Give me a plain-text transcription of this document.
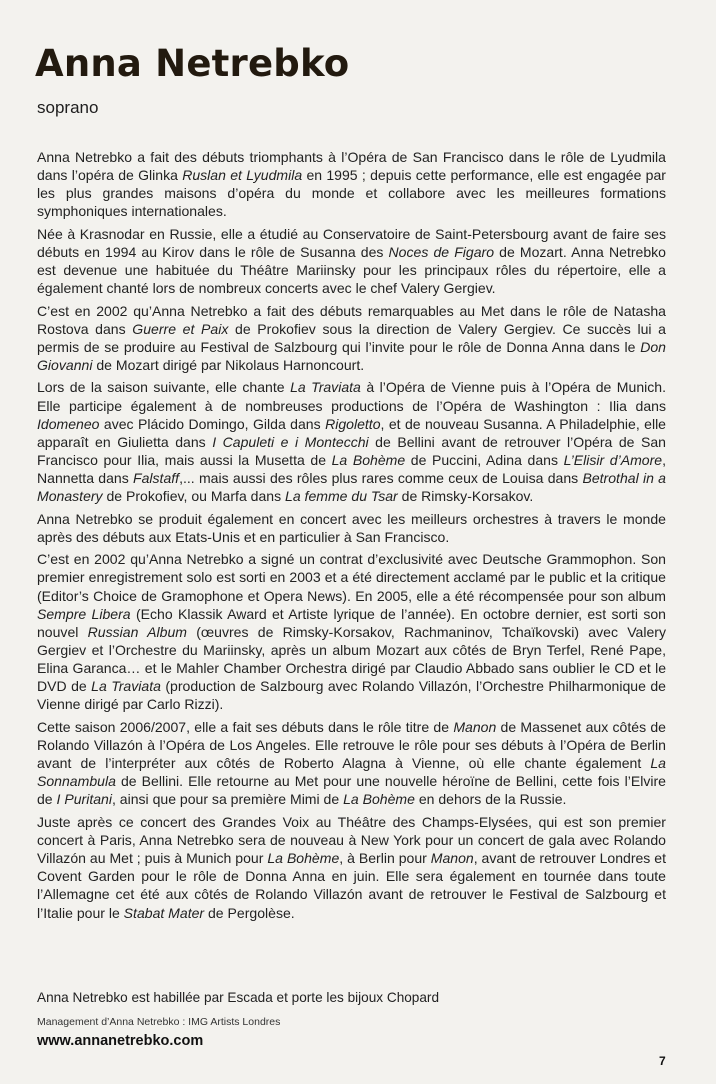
Anna Netrebko

soprano

Anna Netrebko a fait des débuts triomphants à l’Opéra de San Francisco dans le rôle de Lyudmila dans l’opéra de Glinka Ruslan et Lyudmila en 1995 ; depuis cette performance, elle est engagée par les plus grandes maisons d’opéra du monde et collabore avec les meilleures formations symphoniques internationales.

Née à Krasnodar en Russie, elle a étudié au Conservatoire de Saint-Petersbourg avant de faire ses débuts en 1994 au Kirov dans le rôle de Susanna des Noces de Figaro de Mozart. Anna Netrebko est devenue une habituée du Théâtre Mariinsky pour les principaux rôles du répertoire, elle a également chanté lors de nombreux concerts avec le chef Valery Gergiev.

C’est en 2002 qu’Anna Netrebko a fait des débuts remarquables au Met dans le rôle de Natasha Rostova dans Guerre et Paix de Prokofiev sous la direction de Valery Gergiev. Ce succès lui a permis de se produire au Festival de Salzbourg qui l’invite pour le rôle de Donna Anna dans le Don Giovanni de Mozart dirigé par Nikolaus Harnoncourt.

Lors de la saison suivante, elle chante La Traviata à l’Opéra de Vienne puis à l’Opéra de Munich. Elle participe également à de nombreuses productions de l’Opéra de Washington : Ilia dans Idomeneo avec Plácido Domingo, Gilda dans Rigoletto, et de nouveau Susanna. A Philadelphie, elle apparaît en Giulietta dans I Capuleti e i Montecchi de Bellini avant de retrouver l’Opéra de San Francisco pour Ilia, mais aussi la Musetta de La Bohème de Puccini, Adina dans L’Elisir d’Amore, Nannetta dans Falstaff,... mais aussi des rôles plus rares comme ceux de Louisa dans Betrothal in a Monastery de Prokofiev, ou Marfa dans La femme du Tsar de Rimsky-Korsakov.

Anna Netrebko se produit également en concert avec les meilleurs orchestres à travers le monde après des débuts aux Etats-Unis et en particulier à San Francisco.

C’est en 2002 qu’Anna Netrebko a signé un contrat d’exclusivité avec Deutsche Grammophon. Son premier enregistrement solo est sorti en 2003 et a été directement acclamé par le public et la critique (Editor’s Choice de Gramophone et Opera News). En 2005, elle a été récompensée pour son album Sempre Libera (Echo Klassik Award et Artiste lyrique de l’année). En octobre dernier, est sorti son nouvel Russian Album (œuvres de Rimsky-Korsakov, Rachmaninov, Tchaïkovski) avec Valery Gergiev et l’Orchestre du Mariinsky, après un album Mozart aux côtés de Bryn Terfel, René Pape, Elina Garanca… et le Mahler Chamber Orchestra dirigé par Claudio Abbado sans oublier le CD et le DVD de La Traviata (production de Salzbourg avec Rolando Villazón, l’Orchestre Philharmonique de Vienne dirigé par Carlo Rizzi).

Cette saison 2006/2007, elle a fait ses débuts dans le rôle titre de Manon de Massenet aux côtés de Rolando Villazón à l’Opéra de Los Angeles. Elle retrouve le rôle pour ses débuts à l’Opéra de Berlin avant de l’interpréter aux côtés de Roberto Alagna à Vienne, où elle chante également La Sonnambula de Bellini. Elle retourne au Met pour une nouvelle héroïne de Bellini, cette fois l’Elvire de I Puritani, ainsi que pour sa première Mimi de La Bohème en dehors de la Russie.

Juste après ce concert des Grandes Voix au Théâtre des Champs-Elysées, qui est son premier concert à Paris, Anna Netrebko sera de nouveau à New York pour un concert de gala avec Rolando Villazón au Met ; puis à Munich pour La Bohème, à Berlin pour Manon, avant de retrouver Londres et Covent Garden pour le rôle de Donna Anna en juin. Elle sera également en tournée dans toute l’Allemagne cet été aux côtés de Rolando Villazón avant de retrouver le Festival de Salzbourg et l’Italie pour le Stabat Mater de Pergolèse.

Anna Netrebko est habillée par Escada et porte les bijoux Chopard

Management d’Anna Netrebko : IMG Artists Londres

www.annanetrebko.com

7
